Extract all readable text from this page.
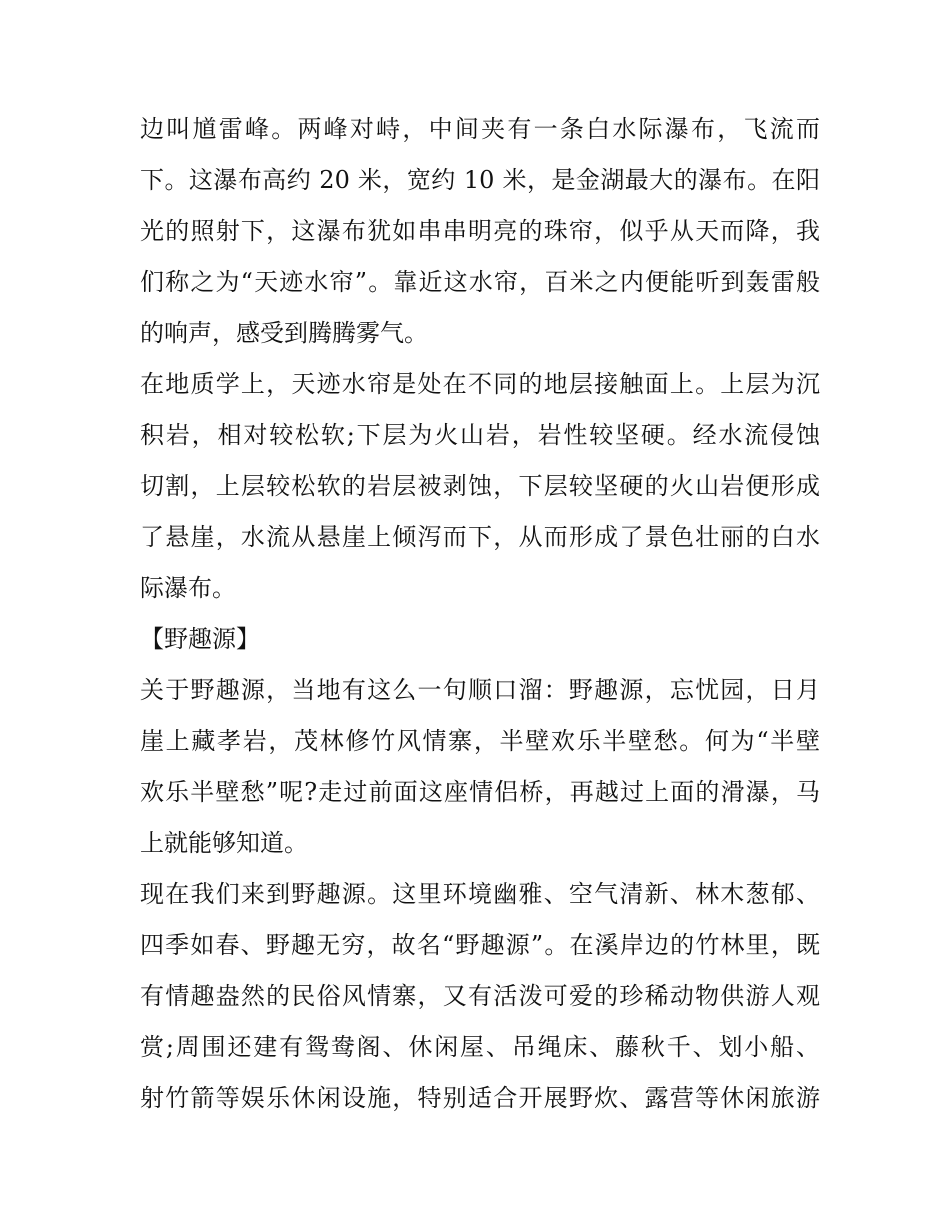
边叫馗雷峰。两峰对峙，中间夹有一条白水际瀑布，飞流而
下。这瀑布高约 20 米，宽约 10 米，是金湖最大的瀑布。在阳
光的照射下，这瀑布犹如串串明亮的珠帘，似乎从天而降，我
们称之为“天迹水帘”。靠近这水帘，百米之内便能听到轰雷般
的响声，感受到腾腾雾气。
在地质学上，天迹水帘是处在不同的地层接触面上。上层为沉
积岩，相对较松软;下层为火山岩，岩性较坚硬。经水流侵蚀
切割，上层较松软的岩层被剥蚀，下层较坚硬的火山岩便形成
了悬崖，水流从悬崖上倾泻而下，从而形成了景色壮丽的白水
际瀑布。
【野趣源】
关于野趣源，当地有这么一句顺口溜：野趣源，忘忧园，日月
崖上藏孝岩，茂林修竹风情寨，半壁欢乐半壁愁。何为“半壁
欢乐半壁愁”呢?走过前面这座情侣桥，再越过上面的滑瀑，马
上就能够知道。
现在我们来到野趣源。这里环境幽雅、空气清新、林木葱郁、
四季如春、野趣无穷，故名“野趣源”。在溪岸边的竹林里，既
有情趣盎然的民俗风情寨，又有活泼可爱的珍稀动物供游人观
赏;周围还建有鸳鸯阁、休闲屋、吊绳床、藤秋千、划小船、
射竹箭等娱乐休闲设施，特别适合开展野炊、露营等休闲旅游
